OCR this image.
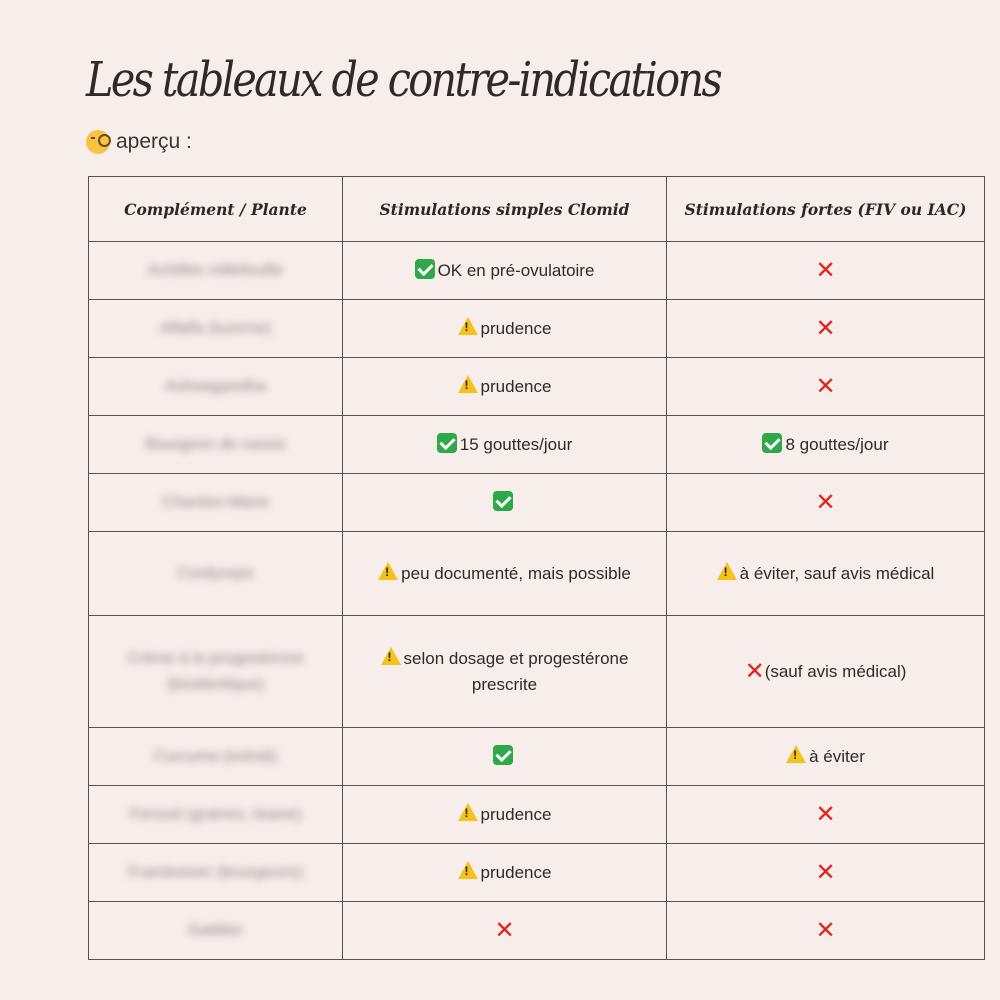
Les tableaux de contre-indications
aperçu :
Complément / Plante	Stimulations simples Clomid	Stimulations fortes (FIV ou IAC)
Achillée millefeuille	OK en pré-ovulatoire	✕
Alfalfa (luzerne)	!prudence	✕
Ashwagandha	!prudence	✕
Bourgeon de cassis	15 gouttes/jour	8 gouttes/jour
Chardon-Marie		✕
Cordyceps	!peu documenté, mais possible	!à éviter, sauf avis médical
Crème à la progestérone (bioidentique)	!selon dosage et progestérone prescrite	✕(sauf avis médical)
Curcuma (extrait)		!à éviter
Fenouil (graines, tisane)	!prudence	✕
Framboisier (bourgeons)	!prudence	✕
Gattilier	✕	✕
